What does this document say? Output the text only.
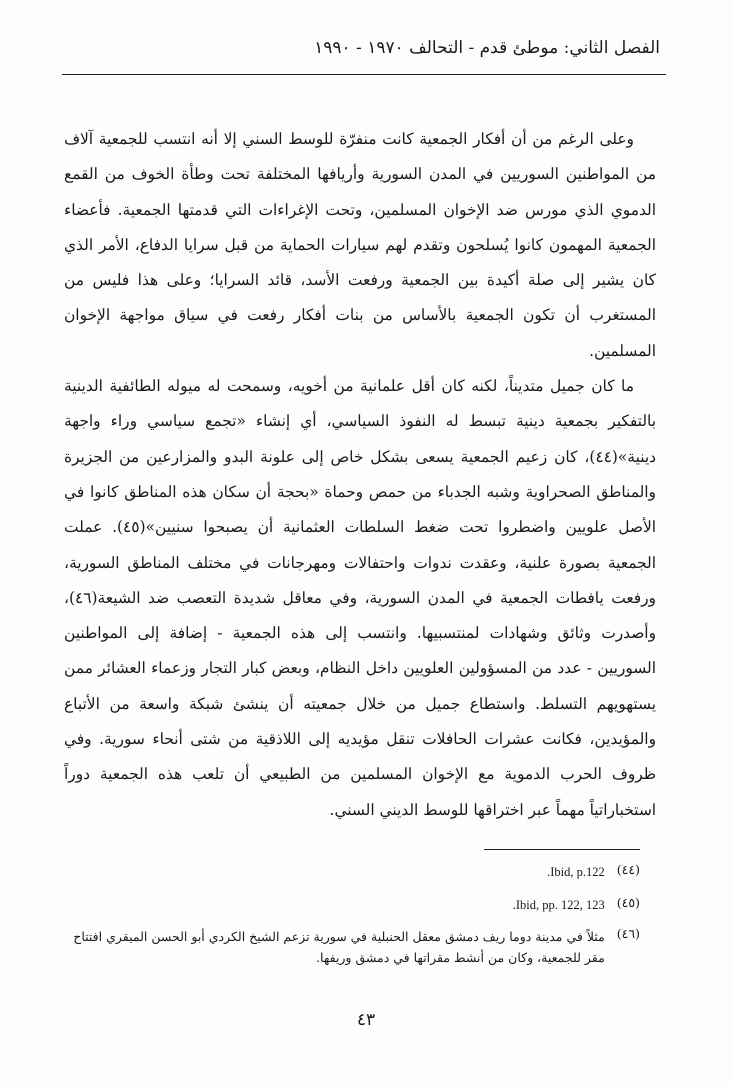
الفصل الثاني: موطئ قدم - التحالف ١٩٧٠ - ١٩٩٠

وعلى الرغم من أن أفكار الجمعية كانت منفرّة للوسط السني إلا أنه انتسب للجمعية آلاف من المواطنين السوريين في المدن السورية وأريافها المختلفة تحت وطأة الخوف من القمع الدموي الذي مورس ضد الإخوان المسلمين، وتحت الإغراءات التي قدمتها الجمعية. فأعضاء الجمعية المهمون كانوا يُسلحون وتقدم لهم سيارات الحماية من قبل سرايا الدفاع، الأمر الذي كان يشير إلى صلة أكيدة بين الجمعية ورفعت الأسد، قائد السرايا؛ وعلى هذا فليس من المستغرب أن تكون الجمعية بالأساس من بنات أفكار رفعت في سياق مواجهة الإخوان المسلمين.

ما كان جميل متديناً، لكنه كان أقل علمانية من أخويه، وسمحت له ميوله الطائفية الدينية بالتفكير بجمعية دينية تبسط له النفوذ السياسي، أي إنشاء «تجمع سياسي وراء واجهة دينية»(٤٤)، كان زعيم الجمعية يسعى بشكل خاص إلى علونة البدو والمزارعين من الجزيرة والمناطق الصحراوية وشبه الجدباء من حمص وحماة «بحجة أن سكان هذه المناطق كانوا في الأصل علويين واضطروا تحت ضغط السلطات العثمانية أن يصبحوا سنيين»(٤٥). عملت الجمعية بصورة علنية، وعقدت ندوات واحتفالات ومهرجانات في مختلف المناطق السورية، ورفعت يافطات الجمعية في المدن السورية، وفي معاقل شديدة التعصب ضد الشيعة(٤٦)، وأصدرت وثائق وشهادات لمنتسبيها. وانتسب إلى هذه الجمعية - إضافة إلى المواطنين السوريين - عدد من المسؤولين العلويين داخل النظام، وبعض كبار التجار وزعماء العشائر ممن يستهويهم التسلط. واستطاع جميل من خلال جمعيته أن ينشئ شبكة واسعة من الأتباع والمؤيدين، فكانت عشرات الحافلات تنقل مؤيديه إلى اللاذقية من شتى أنحاء سورية. وفي ظروف الحرب الدموية مع الإخوان المسلمين من الطبيعي أن تلعب هذه الجمعية دوراً استخباراتياً مهماً عبر اختراقها للوسط الديني السني.

(٤٤)
Ibid, p.122.
(٤٥)
Ibid, pp. 122, 123.
(٤٦)
مثلاً في مدينة دوما ريف دمشق معقل الحنبلية في سورية تزعم الشيخ الكردي أبو الحسن الميقري افتتاح مقر للجمعية، وكان من أنشط مقراتها في دمشق وريفها.
٤٣
